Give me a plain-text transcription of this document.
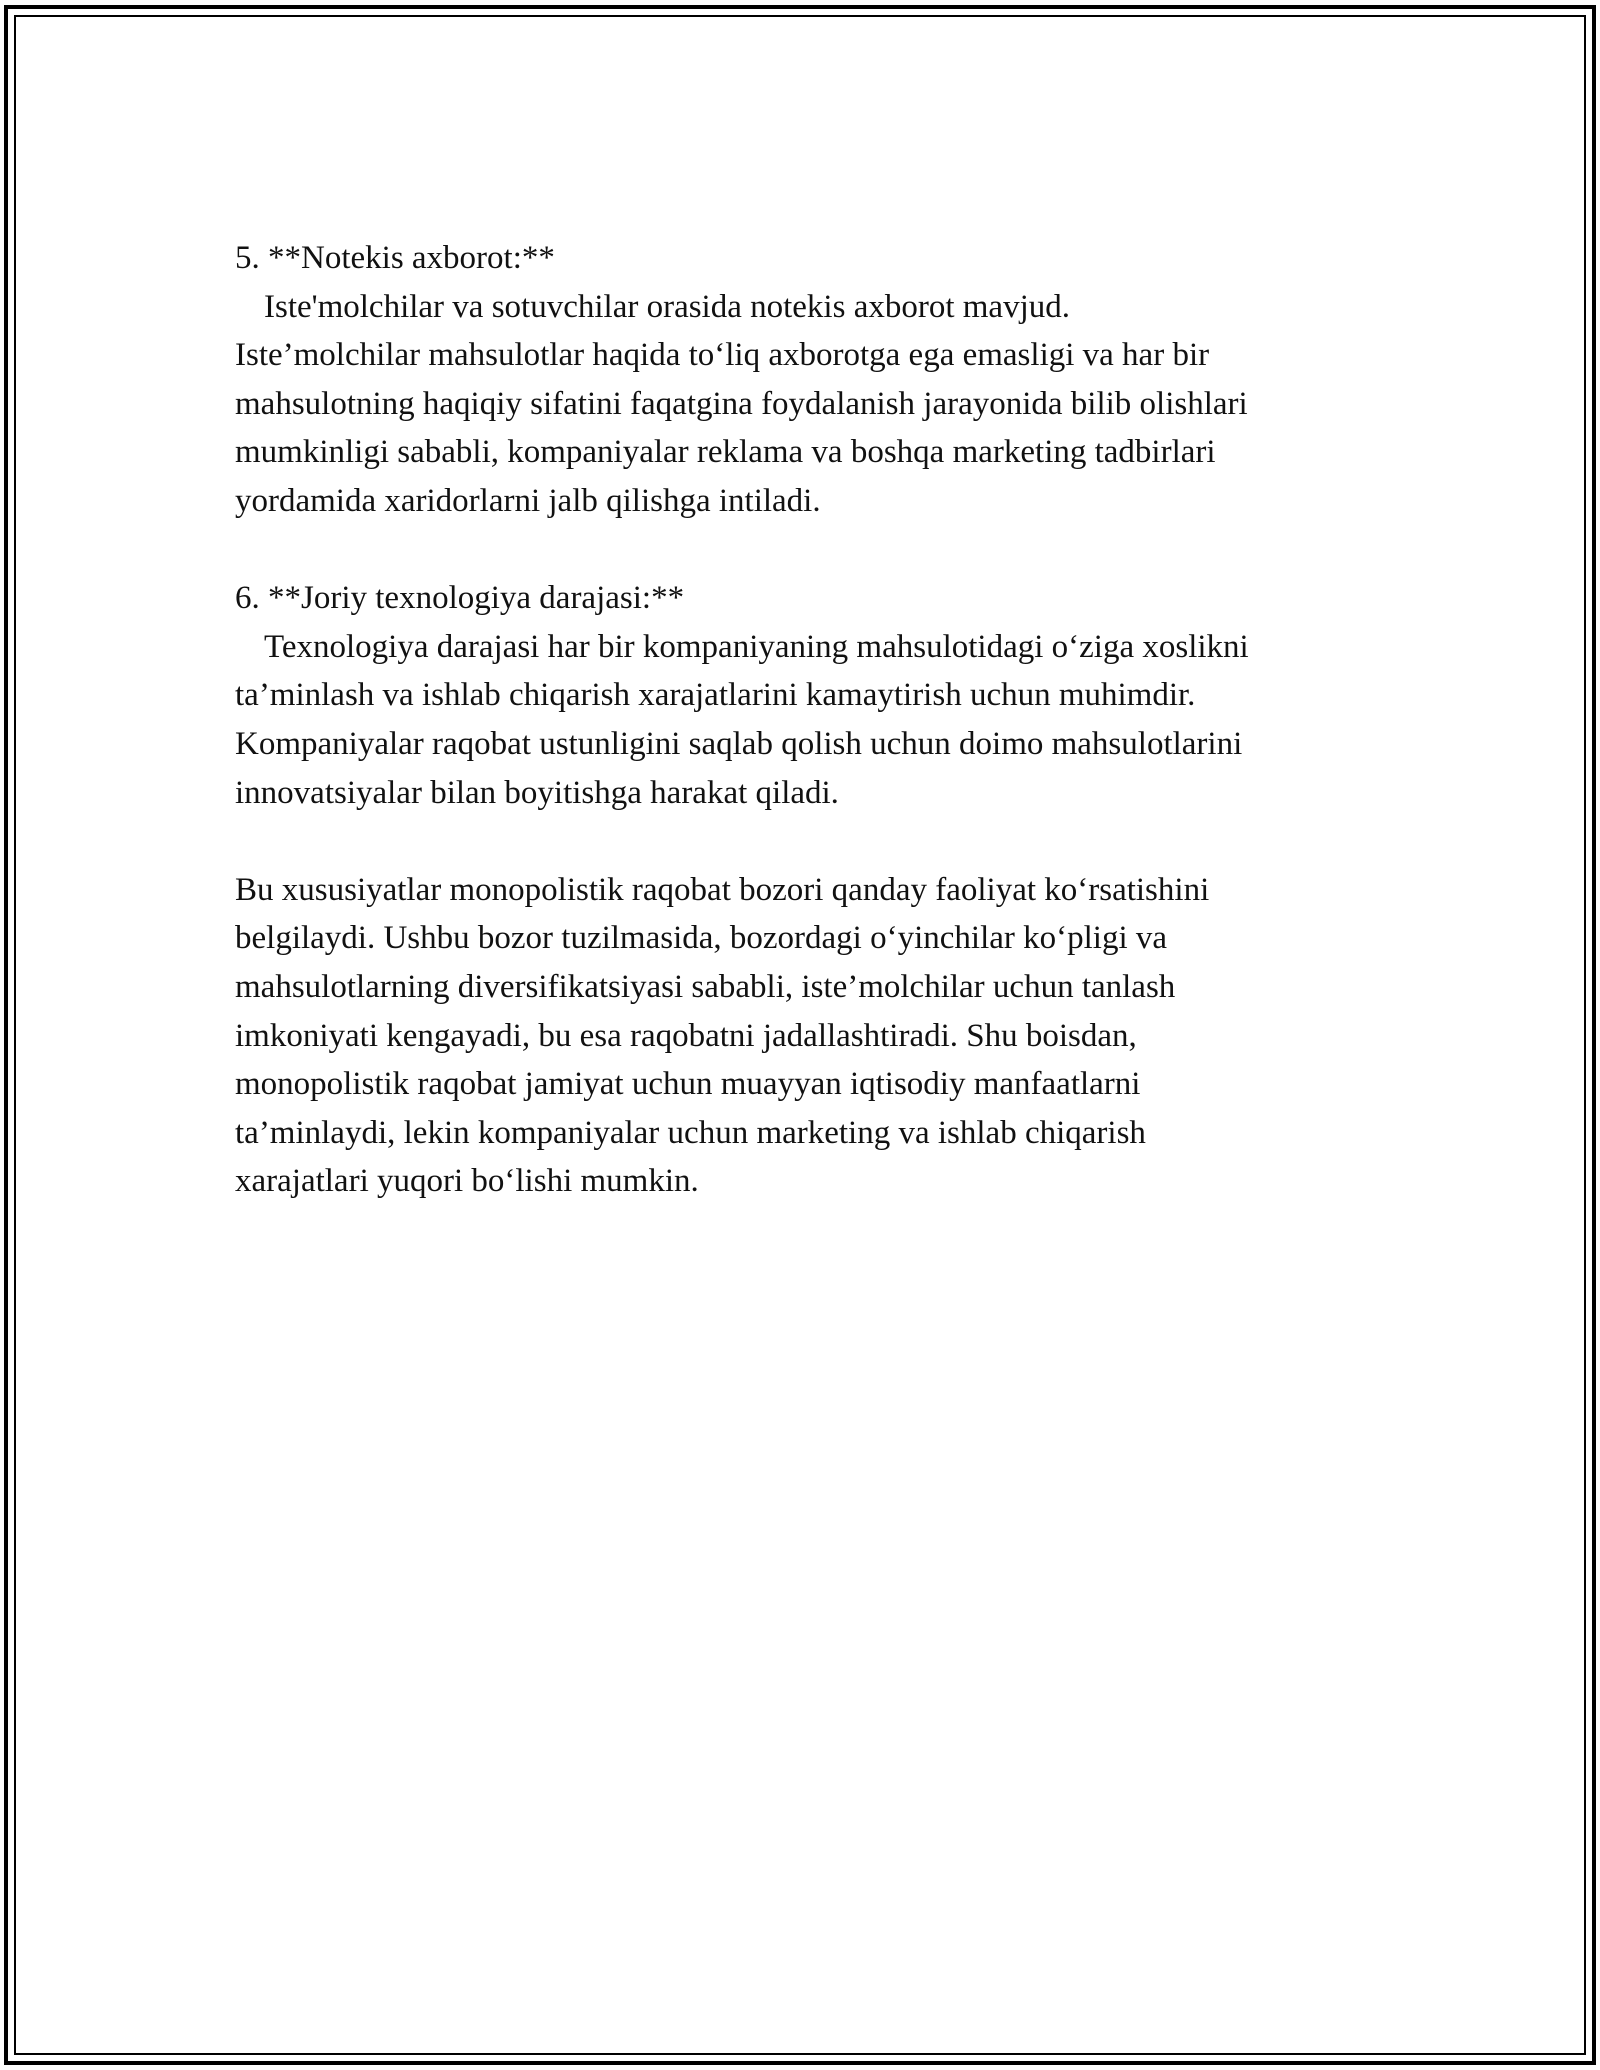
5. **Notekis axborot:**
Iste'molchilar va sotuvchilar orasida notekis axborot mavjud.
Iste’molchilar mahsulotlar haqida to‘liq axborotga ega emasligi va har bir
mahsulotning haqiqiy sifatini faqatgina foydalanish jarayonida bilib olishlari
mumkinligi sababli, kompaniyalar reklama va boshqa marketing tadbirlari
yordamida xaridorlarni jalb qilishga intiladi.
6. **Joriy texnologiya darajasi:**
Texnologiya darajasi har bir kompaniyaning mahsulotidagi o‘ziga xoslikni
ta’minlash va ishlab chiqarish xarajatlarini kamaytirish uchun muhimdir.
Kompaniyalar raqobat ustunligini saqlab qolish uchun doimo mahsulotlarini
innovatsiyalar bilan boyitishga harakat qiladi.
Bu xususiyatlar monopolistik raqobat bozori qanday faoliyat ko‘rsatishini
belgilaydi. Ushbu bozor tuzilmasida, bozordagi o‘yinchilar ko‘pligi va
mahsulotlarning diversifikatsiyasi sababli, iste’molchilar uchun tanlash
imkoniyati kengayadi, bu esa raqobatni jadallashtiradi. Shu boisdan,
monopolistik raqobat jamiyat uchun muayyan iqtisodiy manfaatlarni
ta’minlaydi, lekin kompaniyalar uchun marketing va ishlab chiqarish
xarajatlari yuqori bo‘lishi mumkin.
